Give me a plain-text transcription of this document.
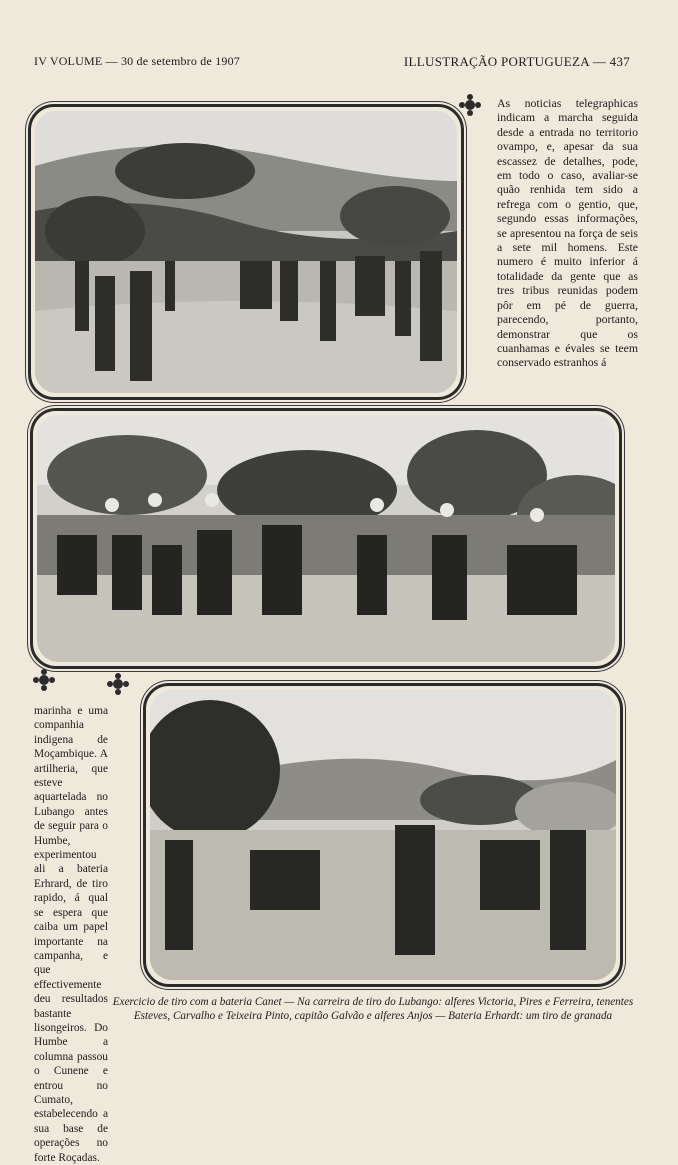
IV VOLUME — 30 de setembro de 1907	ILLUSTRAÇÃO PORTUGUEZA — 437
As noticias telegraphicas indicam a marcha seguida desde a entrada no territorio ovampo, e, apesar da sua escassez de detalhes, pode, em todo o caso, avaliar-se quão renhida tem sido a refrega com o gentio, que, segundo essas informações, se apresentou na força de seis a sete mil homens. Este numero é muito inferior á totalidade da gente que as tres tribus reunidas podem pôr em pé de guerra, parecendo, portanto, demonstrar que os cuanhamas e évales se teem conservado estranhos á
marinha e uma companhia indigena de Moçambique. A artilheria, que esteve aquartelada no Lubango antes de seguir para o Humbe, experimentou ali a bateria Erhrard, de tiro rapido, á qual se espera que caiba um papel importante na campanha, e que effectivemente deu resultados bastante lisongeiros. Do Humbe a columna passou o Cunene e entrou no Cumato, estabelecendo a sua base de operações no forte Roçadas.
Exercicio de tiro com a bateria Canet — Na carreira de tiro do Lubango: alferes Victoria, Pires e Ferreira, tenentes Esteves, Carvalho e Teixeira Pinto, capitão Galvão e alferes Anjos — Bateria Erhardt: um tiro de granada
